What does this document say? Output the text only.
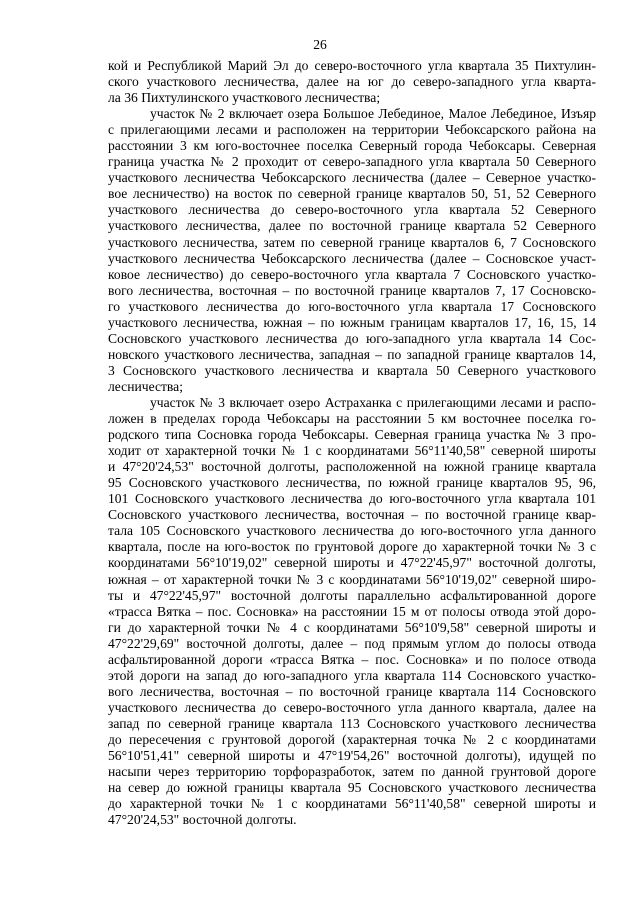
26
кой и Республикой Марий Эл до северо-восточного угла квартала 35 Пихтулин-
ского участкового лесничества, далее на юг до северо-западного угла кварта-
ла 36 Пихтулинского участкового лесничества;
участок № 2 включает озера Большое Лебединое, Малое Лебединое, Изъяр
с прилегающими лесами и расположен на территории Чебоксарского района на
расстоянии 3 км юго-восточнее поселка Северный города Чебоксары. Северная
граница участка № 2 проходит от северо-западного угла квартала 50 Северного
участкового лесничества Чебоксарского лесничества (далее – Северное участко-
вое лесничество) на восток по северной границе кварталов 50, 51, 52 Северного
участкового лесничества до северо-восточного угла квартала 52 Северного
участкового лесничества, далее по восточной границе квартала 52 Северного
участкового лесничества, затем по северной границе кварталов 6, 7 Сосновского
участкового лесничества Чебоксарского лесничества (далее – Сосновское участ-
ковое лесничество) до северо-восточного угла квартала 7 Сосновского участко-
вого лесничества, восточная – по восточной границе кварталов 7, 17 Сосновско-
го участкового лесничества до юго-восточного угла квартала 17 Сосновского
участкового лесничества, южная – по южным границам кварталов 17, 16, 15, 14
Сосновского участкового лесничества до юго-западного угла квартала 14 Сос-
новского участкового лесничества, западная – по западной границе кварталов 14,
3 Сосновского участкового лесничества и квартала 50 Северного участкового
лесничества;
участок № 3 включает озеро Астраханка с прилегающими лесами и распо-
ложен в пределах города Чебоксары на расстоянии 5 км восточнее поселка го-
родского типа Сосновка города Чебоксары. Северная граница участка № 3 про-
ходит от характерной точки № 1 с координатами 56°11'40,58" северной широты
и 47°20'24,53" восточной долготы, расположенной на южной границе квартала
95 Сосновского участкового лесничества, по южной границе кварталов 95, 96,
101 Сосновского участкового лесничества до юго-восточного угла квартала 101
Сосновского участкового лесничества, восточная – по восточной границе квар-
тала 105 Сосновского участкового лесничества до юго-восточного угла данного
квартала, после на юго-восток по грунтовой дороге до характерной точки № 3 с
координатами 56°10'19,02" северной широты и 47°22'45,97" восточной долготы,
южная – от характерной точки № 3 с координатами 56°10'19,02" северной широ-
ты и 47°22'45,97" восточной долготы параллельно асфальтированной дороге
«трасса Вятка – пос. Сосновка» на расстоянии 15 м от полосы отвода этой доро-
ги до характерной точки № 4 с координатами 56°10'9,58" северной широты и
47°22'29,69" восточной долготы, далее – под прямым углом до полосы отвода
асфальтированной дороги «трасса Вятка – пос. Сосновка» и по полосе отвода
этой дороги на запад до юго-западного угла квартала 114 Сосновского участко-
вого лесничества, восточная – по восточной границе квартала 114 Сосновского
участкового лесничества до северо-восточного угла данного квартала, далее на
запад по северной границе квартала 113 Сосновского участкового лесничества
до пересечения с грунтовой дорогой (характерная точка № 2 с координатами
56°10'51,41" северной широты и 47°19'54,26" восточной долготы), идущей по
насыпи через территорию торфоразработок, затем по данной грунтовой дороге
на север до южной границы квартала 95 Сосновского участкового лесничества
до характерной точки № 1 с координатами 56°11'40,58" северной широты и
47°20'24,53" восточной долготы.
